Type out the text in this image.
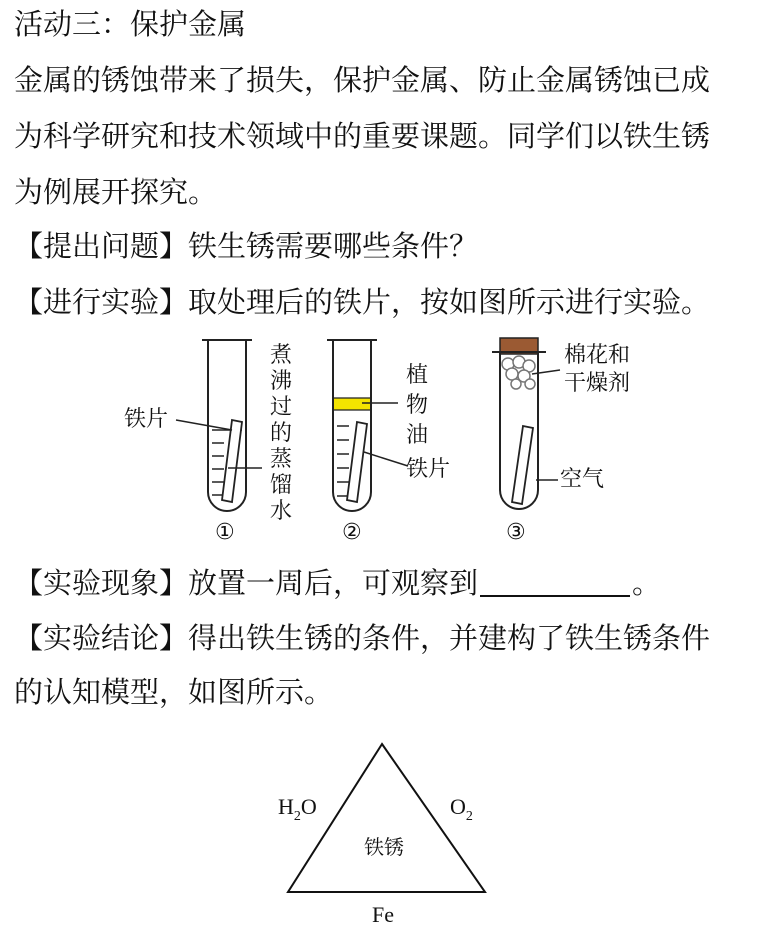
活动三：保护金属
金属的锈蚀带来了损失，保护金属、防止金属锈蚀已成
为科学研究和技术领域中的重要课题。同学们以铁生锈
为例展开探究。
【提出问题】铁生锈需要哪些条件？
【进行实验】取处理后的铁片，按如图所示进行实验。
铁片
煮
沸
过
的
蒸
馏
水
①
植
物
油
铁片
②
棉花和
干燥剂
空气
③
【实验现象】放置一周后，可观察到	。
【实验结论】得出铁生锈的条件，并建构了铁生锈条件
的认知模型，如图所示。
$H_2O$	$O_2$
铁锈
Fe
